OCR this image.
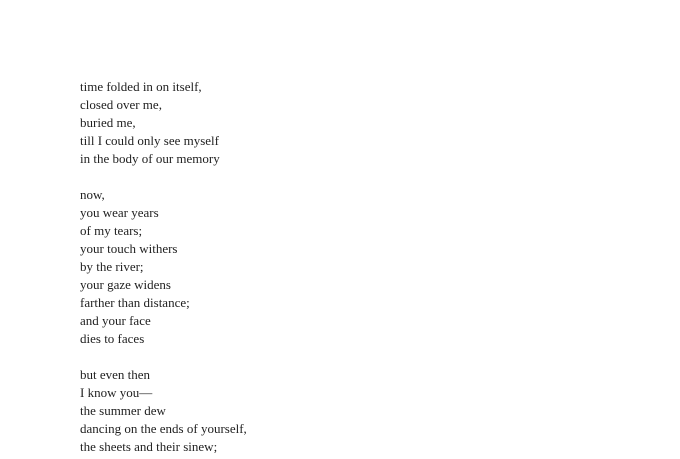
time folded in on itself,
closed over me,
buried me,
till I could only see myself
in the body of our memory
now,
you wear years
of my tears;
your touch withers
by the river;
your gaze widens
farther than distance;
and your face
dies to faces
but even then
I know you—
the summer dew
dancing on the ends of yourself,
the sheets and their sinew;
